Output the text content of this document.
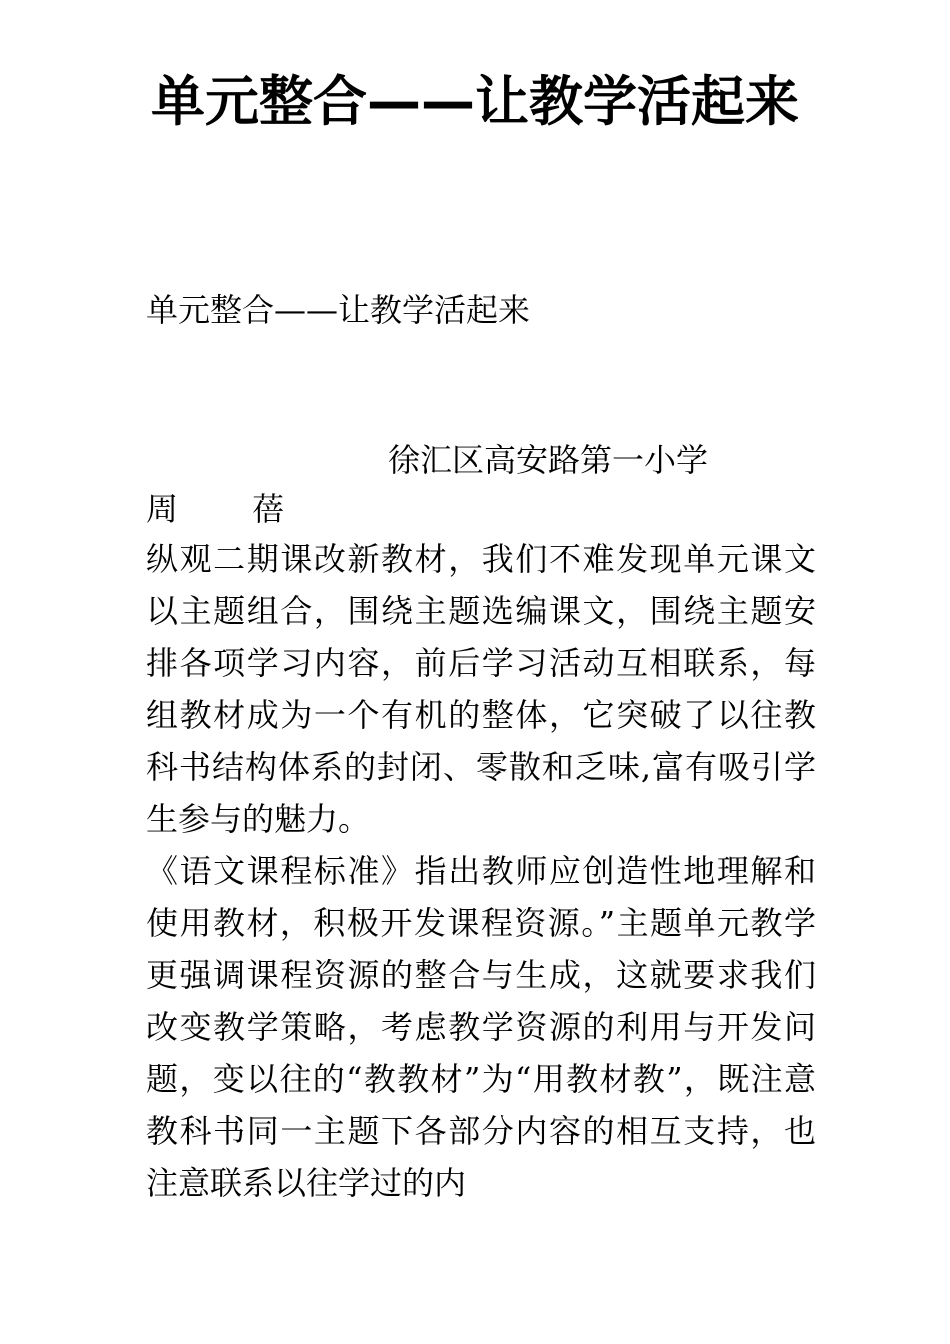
单元整合——让教学活起来
单元整合——让教学活起来
徐汇区高安路第一小学
周 蓓

纵观二期课改新教材，我们不难发现单元课文以主题组合，围绕主题选编课文，围绕主题安排各项学习内容，前后学习活动互相联系，每组教材成为一个有机的整体，它突破了以往教科书结构体系的封闭、零散和乏味,富有吸引学生参与的魅力。

《语文课程标准》指出教师应创造性地理解和使用教材，积极开发课程资源。”主题单元教学更强调课程资源的整合与生成，这就要求我们改变教学策略，考虑教学资源的利用与开发问题，变以往的“教教材”为“用教材教”，既注意教科书同一主题下各部分内容的相互支持，也注意联系以往学过的内
